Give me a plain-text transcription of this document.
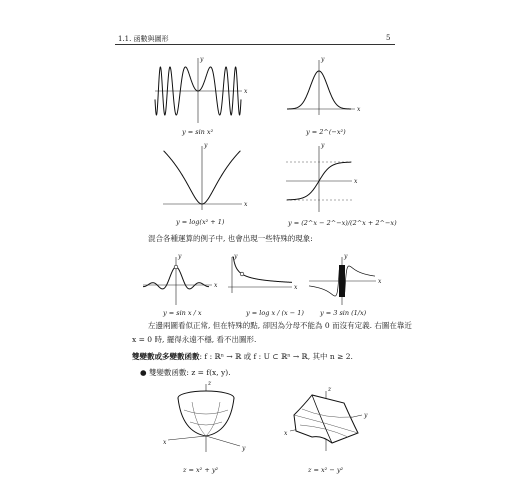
1.1. 函數與圖形	5
x
y
y = sin x²
x
y
y = 2^(−x²)
x
y
y = log(x² + 1)
x
y
y = (2^x − 2^−x)/(2^x + 2^−x)
混合各種運算的例子中, 也會出現一些特殊的現象:
x
y
y = sin x / x
x
y
y = log x / (x − 1)
x
y
y = 3 sin (1/x)
左邊兩圖看似正常, 但在特殊的點, 卻因為分母不能為 0 而沒有定義. 右圖在靠近
x = 0 時, 擺得永遠不穩, 看不出圖形.
雙變數或多變數函數: f : ℝⁿ → ℝ 或 f : U ⊂ ℝⁿ → ℝ, 其中 n ≥ 2.
● 雙變數函數: z = f(x, y).
z
x
y
z = x² + y²
z
x
y
z = x² − y²
